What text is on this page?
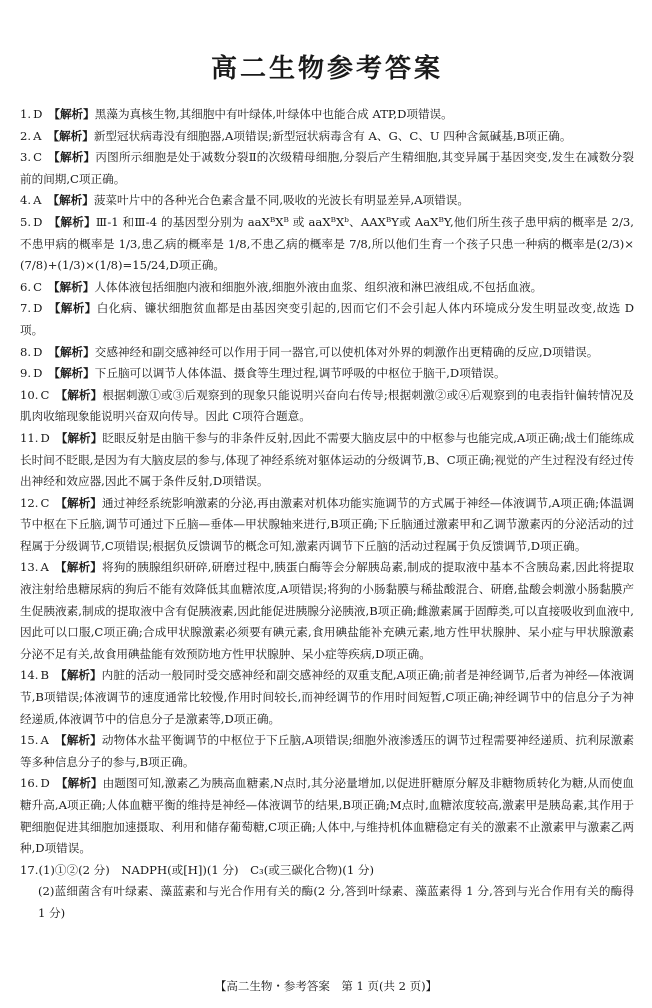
高二生物参考答案
1. D 【解析】黑藻为真核生物,其细胞中有叶绿体,叶绿体中也能合成 ATP,D项错误。
2. A 【解析】新型冠状病毒没有细胞器,A项错误;新型冠状病毒含有 A、G、C、U 四种含氮碱基,B项正确。
3. C 【解析】丙图所示细胞是处于减数分裂Ⅱ的次级精母细胞,分裂后产生精细胞,其变异属于基因突变,发生在减数分裂前的间期,C项正确。
4. A 【解析】菠菜叶片中的各种光合色素含量不同,吸收的光波长有明显差异,A项错误。
5. D 【解析】Ⅲ-1 和Ⅲ-4 的基因型分别为 aaXᴮXᴮ 或 aaXᴮXᵇ、AAXᴮY或 AaXᴮY,他们所生孩子患甲病的概率是 2/3,不患甲病的概率是 1/3,患乙病的概率是 1/8,不患乙病的概率是 7/8,所以他们生育一个孩子只患一种病的概率是(2/3)×(7/8)+(1/3)×(1/8)=15/24,D项正确。
6. C 【解析】人体体液包括细胞内液和细胞外液,细胞外液由血浆、组织液和淋巴液组成,不包括血液。
7. D 【解析】白化病、镰状细胞贫血都是由基因突变引起的,因而它们不会引起人体内环境成分发生明显改变,故选 D项。
8. D 【解析】交感神经和副交感神经可以作用于同一器官,可以使机体对外界的刺激作出更精确的反应,D项错误。
9. D 【解析】下丘脑可以调节人体体温、摄食等生理过程,调节呼吸的中枢位于脑干,D项错误。
10. C 【解析】根据刺激①或③后观察到的现象只能说明兴奋向右传导;根据刺激②或④后观察到的电表指针偏转情况及肌肉收缩现象能说明兴奋双向传导。因此 C项符合题意。
11. D 【解析】眨眼反射是由脑干参与的非条件反射,因此不需要大脑皮层中的中枢参与也能完成,A项正确;战士们能练成长时间不眨眼,是因为有大脑皮层的参与,体现了神经系统对躯体运动的分级调节,B、C项正确;视觉的产生过程没有经过传出神经和效应器,因此不属于条件反射,D项错误。
12. C 【解析】通过神经系统影响激素的分泌,再由激素对机体功能实施调节的方式属于神经—体液调节,A项正确;体温调节中枢在下丘脑,调节可通过下丘脑—垂体—甲状腺轴来进行,B项正确;下丘脑通过激素甲和乙调节激素丙的分泌活动的过程属于分级调节,C项错误;根据负反馈调节的概念可知,激素丙调节下丘脑的活动过程属于负反馈调节,D项正确。
13. A 【解析】将狗的胰腺组织研碎,研磨过程中,胰蛋白酶等会分解胰岛素,制成的提取液中基本不含胰岛素,因此将提取液注射给患糖尿病的狗后不能有效降低其血糖浓度,A项错误;将狗的小肠黏膜与稀盐酸混合、研磨,盐酸会刺激小肠黏膜产生促胰液素,制成的提取液中含有促胰液素,因此能促进胰腺分泌胰液,B项正确;雌激素属于固醇类,可以直接吸收到血液中,因此可以口服,C项正确;合成甲状腺激素必须要有碘元素,食用碘盐能补充碘元素,地方性甲状腺肿、呆小症与甲状腺激素分泌不足有关,故食用碘盐能有效预防地方性甲状腺肿、呆小症等疾病,D项正确。
14. B 【解析】内脏的活动一般同时受交感神经和副交感神经的双重支配,A项正确;前者是神经调节,后者为神经—体液调节,B项错误;体液调节的速度通常比较慢,作用时间较长,而神经调节的作用时间短暂,C项正确;神经调节中的信息分子为神经递质,体液调节中的信息分子是激素等,D项正确。
15. A 【解析】动物体水盐平衡调节的中枢位于下丘脑,A项错误;细胞外液渗透压的调节过程需要神经递质、抗利尿激素等多种信息分子的参与,B项正确。
16. D 【解析】由题图可知,激素乙为胰高血糖素,N点时,其分泌量增加,以促进肝糖原分解及非糖物质转化为糖,从而使血糖升高,A项正确;人体血糖平衡的维持是神经—体液调节的结果,B项正确;M点时,血糖浓度较高,激素甲是胰岛素,其作用于靶细胞促进其细胞加速摄取、利用和储存葡萄糖,C项正确;人体中,与维持机体血糖稳定有关的激素不止激素甲与激素乙两种,D项错误。
17.(1)①②(2 分)　NADPH(或[H])(1 分)　C₃(或三碳化合物)(1 分)
(2)蓝细菌含有叶绿素、藻蓝素和与光合作用有关的酶(2 分,答到叶绿素、藻蓝素得 1 分,答到与光合作用有关的酶得 1 分)
【高二生物・参考答案　第 1 页(共 2 页)】
